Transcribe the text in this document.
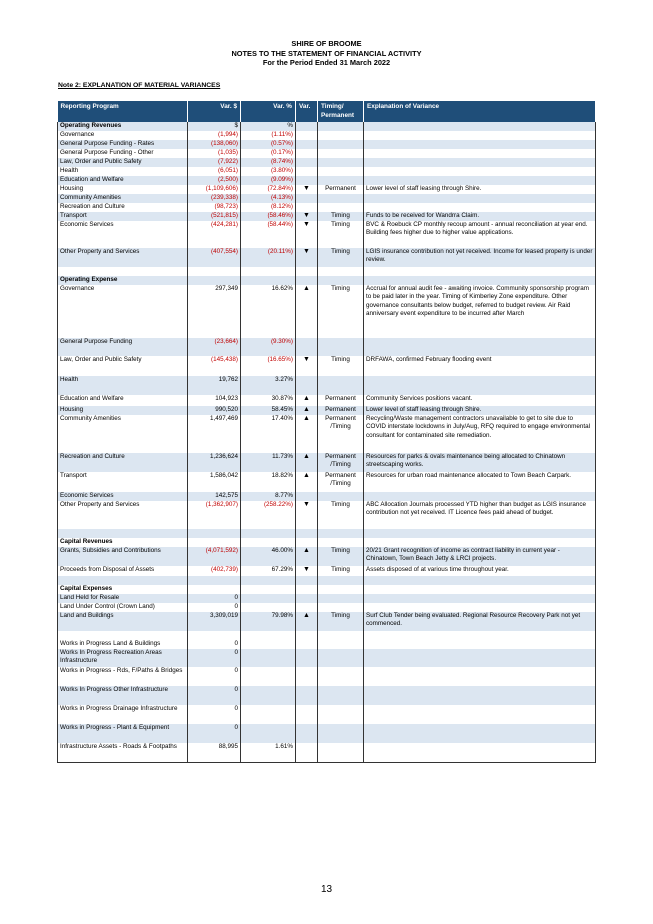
SHIRE OF BROOME
NOTES TO THE STATEMENT OF FINANCIAL ACTIVITY
For the Period Ended 31 March 2022
Note 2: EXPLANATION OF MATERIAL VARIANCES
Reporting Program	Var. $	Var. %	Var.	Timing/
Permanent	Explanation of Variance
Operating Revenues	$	%			
Governance	(1,994)	(1.11%)			
General Purpose Funding - Rates	(138,060)	(0.57%)			
General Purpose Funding - Other	(1,035)	(0.17%)			
Law, Order and Public Safety	(7,922)	(8.74%)			
Health	(6,051)	(3.80%)			
Education and Welfare	(2,500)	(9.09%)			
Housing	(1,109,606)	(72.84%)	▼	Permanent	Lower level of staff leasing through Shire.
Community Amenities	(239,338)	(4.13%)			
Recreation and Culture	(98,723)	(8.12%)			
Transport	(521,815)	(58.46%)	▼	Timing	Funds to be received for Wandrra Claim.
Economic Services	(424,281)	(58.44%)	▼	Timing	BVC & Roebuck CP monthly recoup amount - annual reconciliation at year end. Building fees higher due to higher value applications.
Other Property and Services	(407,554)	(20.11%)	▼	Timing	LGIS insurance contribution not yet received. Income for leased property is under review.

Operating Expense					
Governance	297,349	16.62%	▲	Timing	Accrual for annual audit fee - awaiting invoice. Community sponsorship program to be paid later in the year. Timing of Kimberley Zone expenditure. Other governance consultants below budget, referred to budget review. Air Raid anniversary event expenditure to be incurred after March
General Purpose Funding	(23,664)	(9.30%)			
Law, Order and Public Safety	(145,438)	(16.65%)	▼	Timing	DRFAWA, confirmed February flooding event
Health	19,762	3.27%			
Education and Welfare	104,923	30.87%	▲	Permanent	Community Services positions vacant.
Housing	990,520	58.45%	▲	Permanent	Lower level of staff leasing through Shire.
Community Amenities	1,497,469	17.40%	▲	Permanent /Timing	Recycling/Waste management contractors unavailable to get to site due to COVID interstate lockdowns in July/Aug, RFQ required to engage environmental consultant for contaminated site remediation.
Recreation and Culture	1,236,624	11.73%	▲	Permanent /Timing	Resources for parks & ovals maintenance being allocated to Chinatown streetscaping works.
Transport	1,586,042	18.82%	▲	Permanent /Timing	Resources for urban road maintenance allocated to Town Beach Carpark.
Economic Services	142,575	8.77%			
Other Property and Services	(1,362,907)	(258.22%)	▼	Timing	ABC Allocation Journals processed YTD higher than budget as LGIS insurance contribution not yet received. IT Licence fees paid ahead of budget.

Capital Revenues					
Grants, Subsidies and Contributions	(4,071,592)	46.00%	▲	Timing	20/21 Grant recognition of income as contract liability in current year - Chinatown, Town Beach Jetty & LRCI projects.
Proceeds from Disposal of Assets	(402,739)	67.29%	▼	Timing	Assets disposed of at various time throughout year.

Capital Expenses					
Land Held for Resale	0				
Land Under Control (Crown Land)	0				
Land and Buildings	3,309,019	79.98%	▲	Timing	Surf Club Tender being evaluated. Regional Resource Recovery Park not yet commenced.

Works in Progress Land & Buildings	0				
Works In Progress Recreation Areas Infrastructure	0				
Works in Progress - Rds, F/Paths & Bridges	0				
Works In Progress Other Infrastructure	0				
Works in Progress Drainage Infrastructure	0				
Works in Progress - Plant & Equipment	0				
Infrastructure Assets - Roads & Footpaths	88,995	1.61%			
13
